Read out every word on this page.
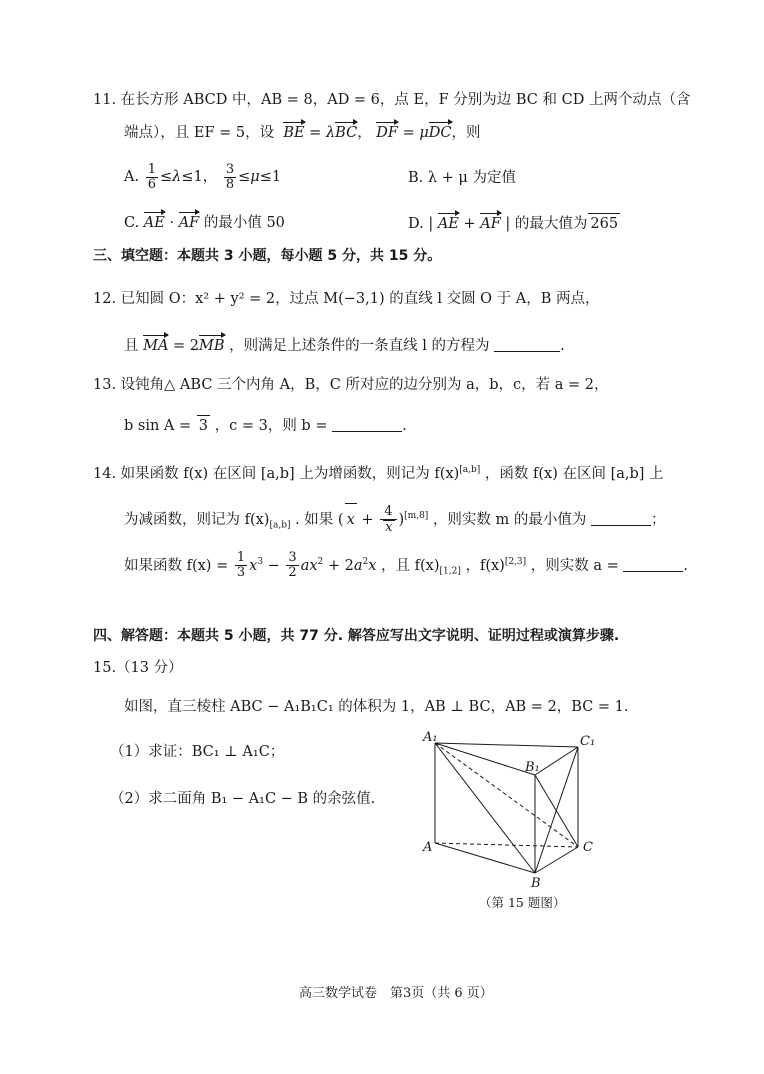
11. 在长方形 ABCD 中，AB = 8，AD = 6，点 E，F 分别为边 BC 和 CD 上两个动点（含
端点），且 EF = 5，设 BE = λBC， DF = μDC，则
A. $\frac{1}{6} \le\lambda\le 1$， $\frac{3}{8} \le\mu\le 1$	B. λ + μ 为定值
C. AE · AF 的最小值 50	D. | AE + AF | 的最大值为 265
三、填空题：本题共 3 小题，每小题 5 分，共 15 分。
12. 已知圆 O：x² + y² = 2，过点 M(−3,1) 的直线 l 交圆 O 于 A，B 两点，
且 MA = 2MB ，则满足上述条件的一条直线 l 的方程为	.
13. 设钝角△ ABC 三个内角 A，B，C 所对应的边分别为 a，b，c，若 a = 2，
b sin A = 3 ，c = 3，则 b =	.
14. 如果函数 f(x) 在区间 [a,b] 上为增函数，则记为 f(x)[a,b] ，函数 f(x) 在区间 [a,b] 上
为减函数，则记为 $f(x)_{[a,b]}$ . 如果 ( $x + \frac{4}{x} )[m,8]$ ，则实数 m 的最小值为	；
如果函数 $f(x) = \frac{1}{3} x^3 - \frac{3}{2} ax^2 + 2a^2x$ ，且 $f(x)_{[1,2]}$ ，f(x)[2,3] ，则实数 a =	.
四、解答题：本题共 5 小题，共 77 分. 解答应写出文字说明、证明过程或演算步骤.
15.（13 分）
如图，直三棱柱 ABC − A₁B₁C₁ 的体积为 1，AB ⊥ BC，AB = 2，BC = 1.
（1）求证：BC₁ ⊥ A₁C；
（2）求二面角 B₁ − A₁C − B 的余弦值.
A₁	C₁
B₁
A	C
B
（第 15 题图）
高三数学试卷　第3页（共 6 页）
